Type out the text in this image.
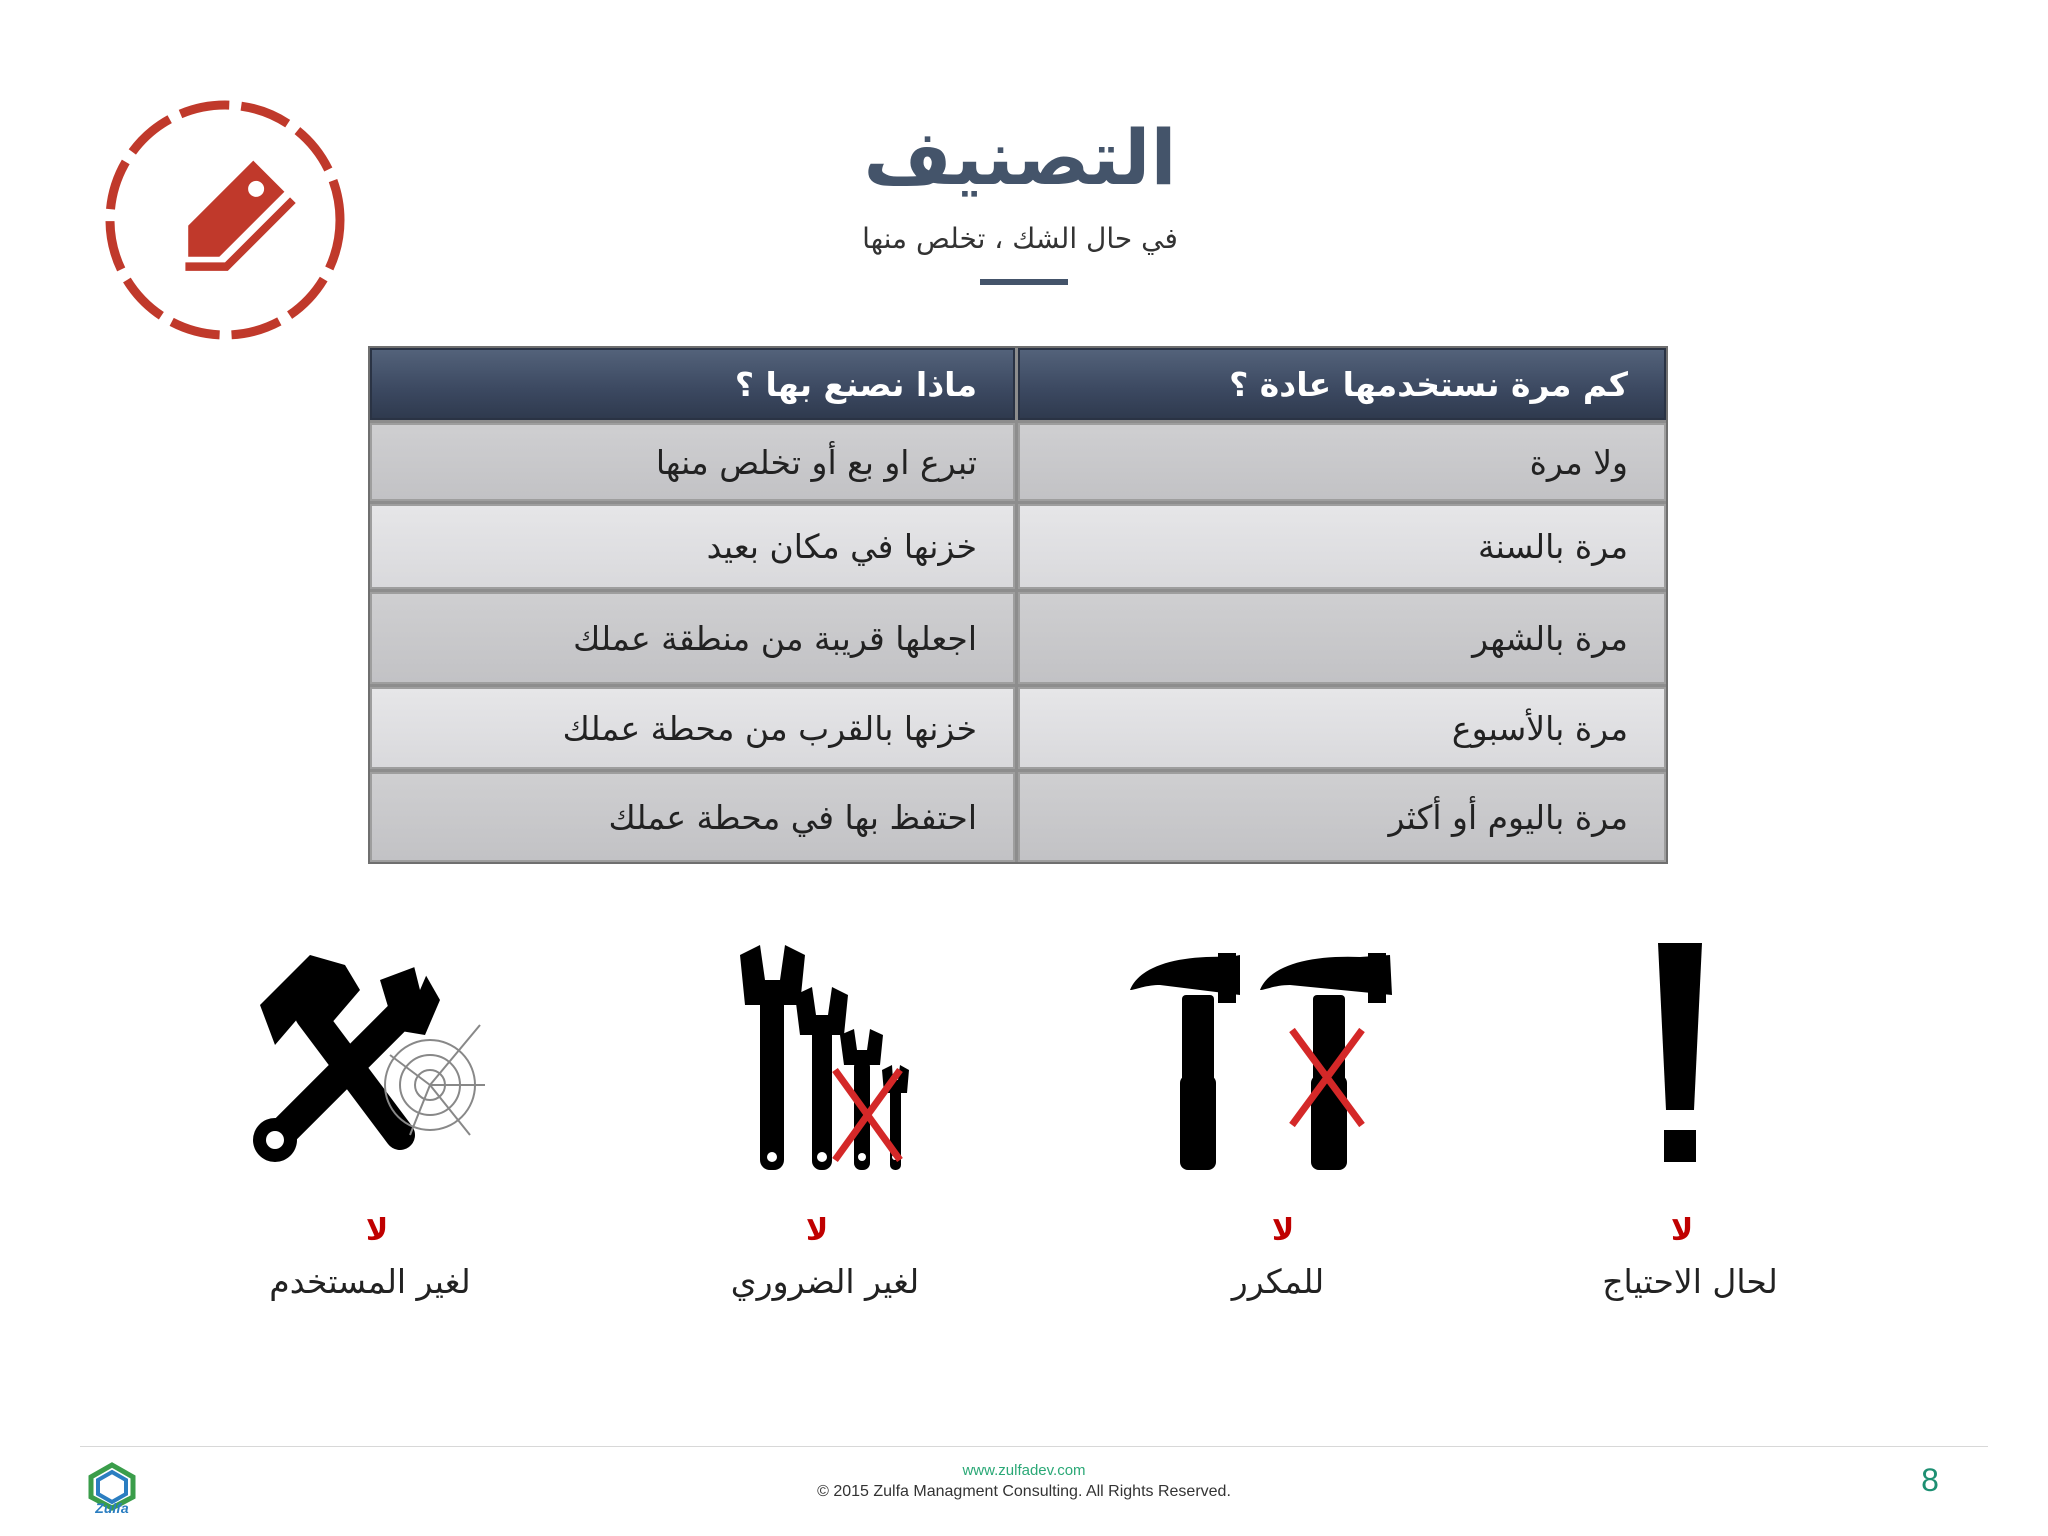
التصنيف
في حال الشك ، تخلص منها
كم مرة نستخدمها عادة ؟
ماذا نصنع بها ؟
ولا مرة
تبرع او بع أو تخلص منها
مرة بالسنة
خزنها في مكان بعيد
مرة بالشهر
اجعلها قريبة من منطقة عملك
مرة بالأسبوع
خزنها بالقرب من محطة عملك
مرة باليوم أو أكثر
احتفظ بها في محطة عملك
لا
لغير المستخدم
لا
لغير الضروري
لا
للمكرر
لا
لحال الاحتياج
Zulfa
www.zulfadev.com
© 2015 Zulfa Managment Consulting. All Rights Reserved.	8
